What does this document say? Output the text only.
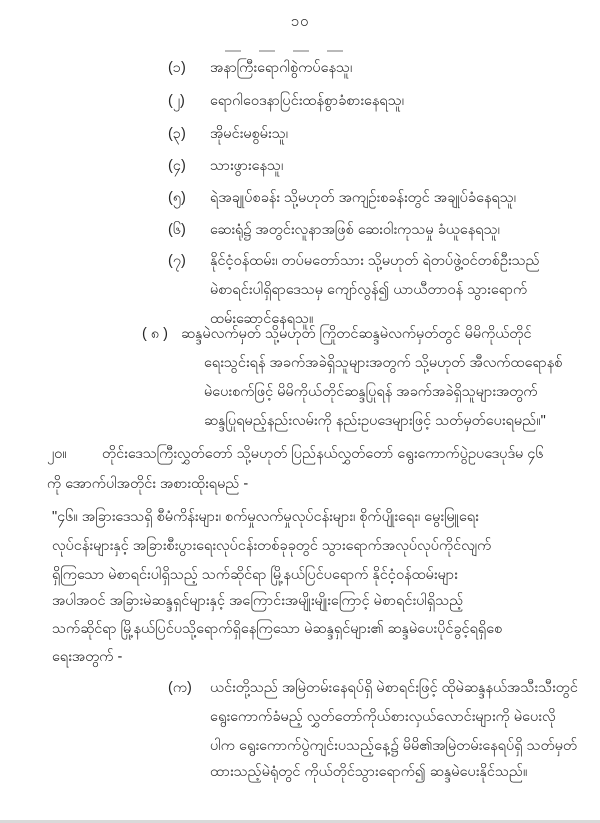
၁၀
(၁) အနာကြီးရောဂါစွဲကပ်နေသူ၊
(၂) ရောဂါဝေဒနာပြင်းထန်စွာခံစားနေရသူ၊
(၃) အိုမင်းမစွမ်းသူ၊
(၄) သားဖွားနေသူ၊
(၅) ရဲအချုပ်စခန်း သို့မဟုတ် အကျဉ်းစခန်းတွင် အချုပ်ခံနေရသူ၊
(၆) ဆေးရုံ၌ အတွင်းလူနာအဖြစ် ဆေးဝါးကုသမှု ခံယူနေရသူ၊
(၇) နိုင်ငံ့ဝန်ထမ်း၊ တပ်မတော်သား သို့မဟုတ် ရဲတပ်ဖွဲ့ဝင်တစ်ဦးသည်
မဲစာရင်းပါရှိရာဒေသမှ ကျော်လွန်၍ ယာယီတာဝန် သွားရောက်
ထမ်းဆောင်နေရသူ။
( ၈ ) ဆန္ဒမဲလက်မှတ် သို့မဟုတ် ကြိုတင်ဆန္ဒမဲလက်မှတ်တွင် မိမိကိုယ်တိုင်
ရေးသွင်းရန် အခက်အခဲရှိသူများအတွက် သို့မဟုတ် အီလက်ထရောနစ်
မဲပေးစက်ဖြင့် မိမိကိုယ်တိုင်ဆန္ဒပြုရန် အခက်အခဲရှိသူများအတွက်
ဆန္ဒပြုရမည့်နည်းလမ်းကို နည်းဥပဒေများဖြင့် သတ်မှတ်ပေးရမည်။"
၂၀။ တိုင်းဒေသကြီးလွှတ်တော် သို့မဟုတ် ပြည်နယ်လွှတ်တော် ရွေးကောက်ပွဲဥပဒေပုဒ်မ ၄၆
ကို အောက်ပါအတိုင်း အစားထိုးရမည် -
"၄၆။ အခြားဒေသရှိ စီမံကိန်းများ၊ စက်မှုလက်မှုလုပ်ငန်းများ၊ စိုက်ပျိုးရေး၊ မွေးမြူရေး
လုပ်ငန်းများနှင့် အခြားစီးပွားရေးလုပ်ငန်းတစ်ခုခုတွင် သွားရောက်အလုပ်လုပ်ကိုင်လျက်
ရှိကြသော မဲစာရင်းပါရှိသည့် သက်ဆိုင်ရာ မြို့နယ်ပြင်ပရောက် နိုင်ငံ့ဝန်ထမ်းများ
အပါအဝင် အခြားမဲဆန္ဒရှင်များနှင့် အကြောင်းအမျိုးမျိုးကြောင့် မဲစာရင်းပါရှိသည့်
သက်ဆိုင်ရာ မြို့နယ်ပြင်ပသို့ရောက်ရှိနေကြသော မဲဆန္ဒရှင်များ၏ ဆန္ဒမဲပေးပိုင်ခွင့်ရရှိစေ
ရေးအတွက် -
(က) ယင်းတို့သည် အမြဲတမ်းနေရပ်ရှိ မဲစာရင်းဖြင့် ထိုမဲဆန္ဒနယ်အသီးသီးတွင်
ရွေးကောက်ခံမည့် လွှတ်တော်ကိုယ်စားလှယ်လောင်းများကို မဲပေးလို
ပါက ရွေးကောက်ပွဲကျင်းပသည့်နေ့၌ မိမိ၏အမြဲတမ်းနေရပ်ရှိ သတ်မှတ်
ထားသည့်မဲရုံတွင် ကိုယ်တိုင်သွားရောက်၍ ဆန္ဒမဲပေးနိုင်သည်။
